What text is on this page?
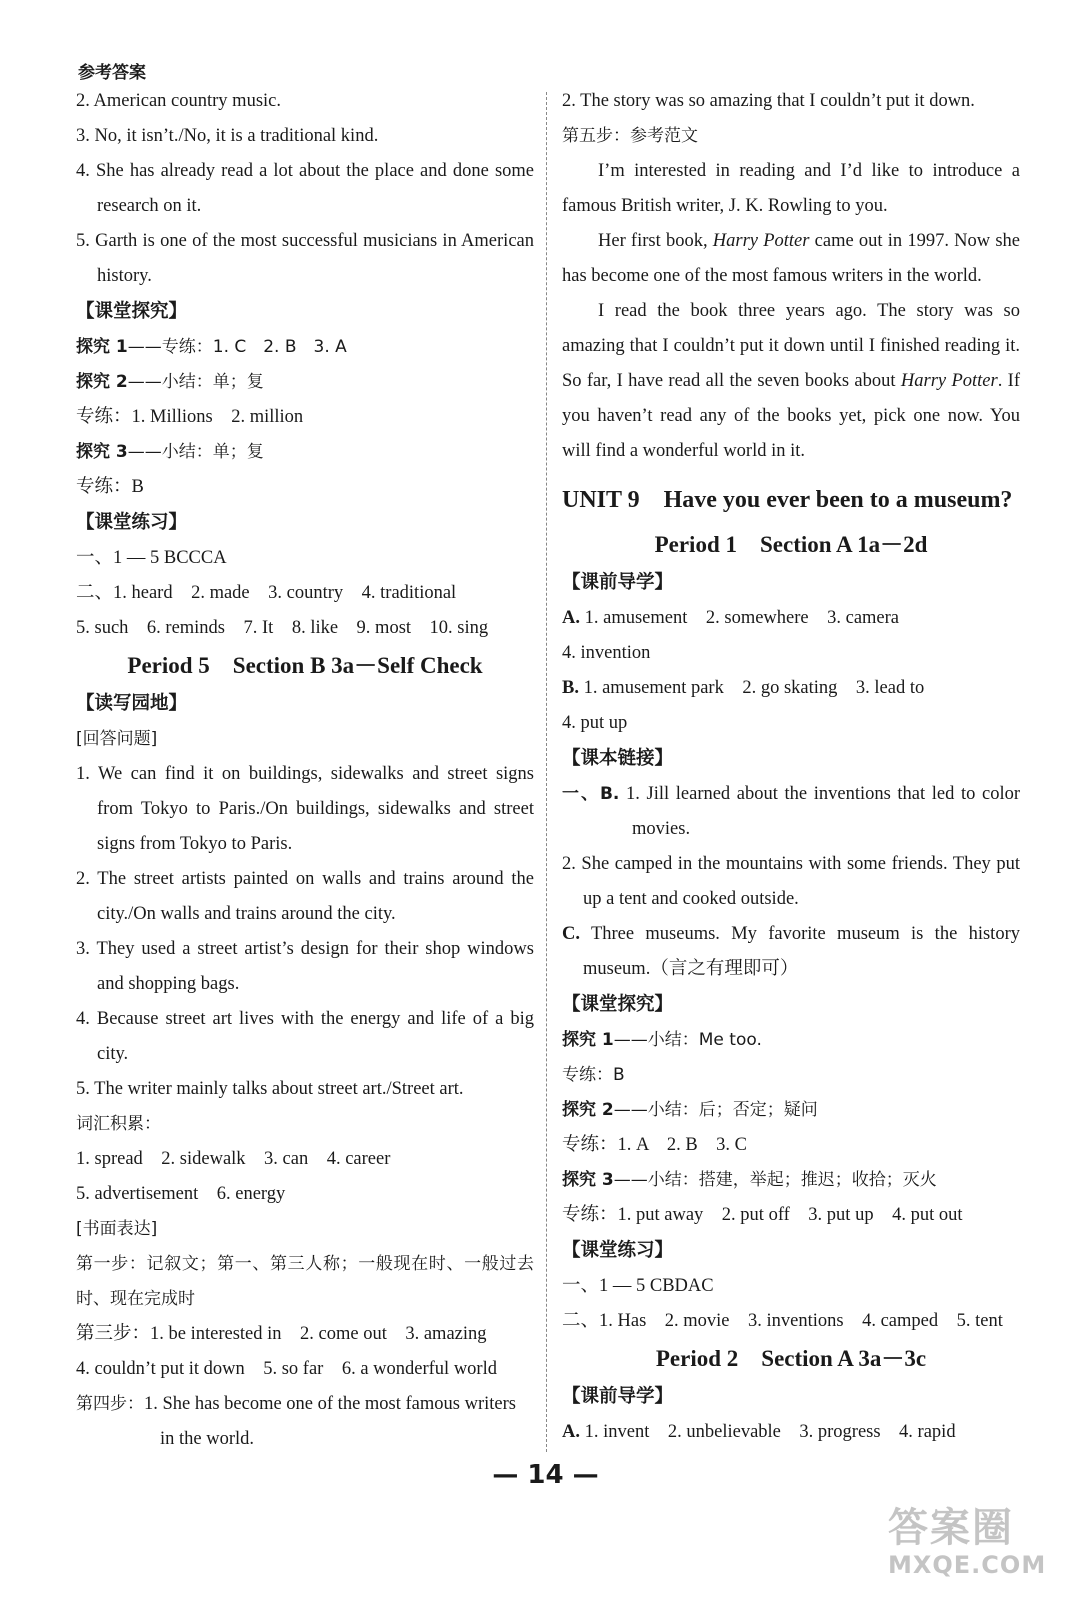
参考答案
2. American country music.
3. No, it isn’t./No, it is a traditional kind.
4. She has already read a lot about the place and done some research on it.
5. Garth is one of the most successful musicians in American history.
【课堂探究】
探究 1——专练：1. C　2. B　3. A
探究 2——小结：单；复
专练：1. Millions　2. million
探究 3——小结：单；复
专练：B
【课堂练习】
一、1 — 5 BCCCA
二、1. heard　2. made　3. country　4. traditional
5. such　6. reminds　7. It　8. like　9. most　10. sing
Period 5　Section B 3a－Self Check
【读写园地】
[回答问题]
1. We can find it on buildings, sidewalks and street signs from Tokyo to Paris./On buildings, sidewalks and street signs from Tokyo to Paris.
2. The street artists painted on walls and trains around the city./On walls and trains around the city.
3. They used a street artist’s design for their shop windows and shopping bags.
4. Because street art lives with the energy and life of a big city.
5. The writer mainly talks about street art./Street art.
词汇积累：
1. spread　2. sidewalk　3. can　4. career
5. advertisement　6. energy
[书面表达]
第一步：记叙文；第一、第三人称；一般现在时、一般过去时、现在完成时
第三步：1. be interested in　2. come out　3. amazing
4. couldn’t put it down　5. so far　6. a wonderful world
第四步：1. She has become one of the most famous writers
in the world.
2. The story was so amazing that I couldn’t put it down.
第五步：参考范文
I’m interested in reading and I’d like to introduce a famous British writer, J. K. Rowling to you.
Her first book, Harry Potter came out in 1997. Now she has become one of the most famous writers in the world.
I read the book three years ago. The story was so amazing that I couldn’t put it down until I finished reading it. So far, I have read all the seven books about Harry Potter. If you haven’t read any of the books yet, pick one now. You will find a wonderful world in it.
UNIT 9　Have you ever been to a museum?
Period 1　Section A 1a－2d
【课前导学】
A. 1. amusement　2. somewhere　3. camera
4. invention
B. 1. amusement park　2. go skating　3. lead to
4. put up
【课本链接】
一、B. 1. Jill learned about the inventions that led to color movies.
2. She camped in the mountains with some friends. They put up a tent and cooked outside.
C. Three museums. My favorite museum is the history museum.（言之有理即可）
【课堂探究】
探究 1——小结：Me too.
专练：B
探究 2——小结：后；否定；疑问
专练：1. A　2. B　3. C
探究 3——小结：搭建，举起；推迟；收拾；灭火
专练：1. put away　2. put off　3. put up　4. put out
【课堂练习】
一、1 — 5 CBDAC
二、1. Has　2. movie　3. inventions　4. camped　5. tent
Period 2　Section A 3a－3c
【课前导学】
A. 1. invent　2. unbelievable　3. progress　4. rapid
— 14 —
答案圈
MXQE.COM
